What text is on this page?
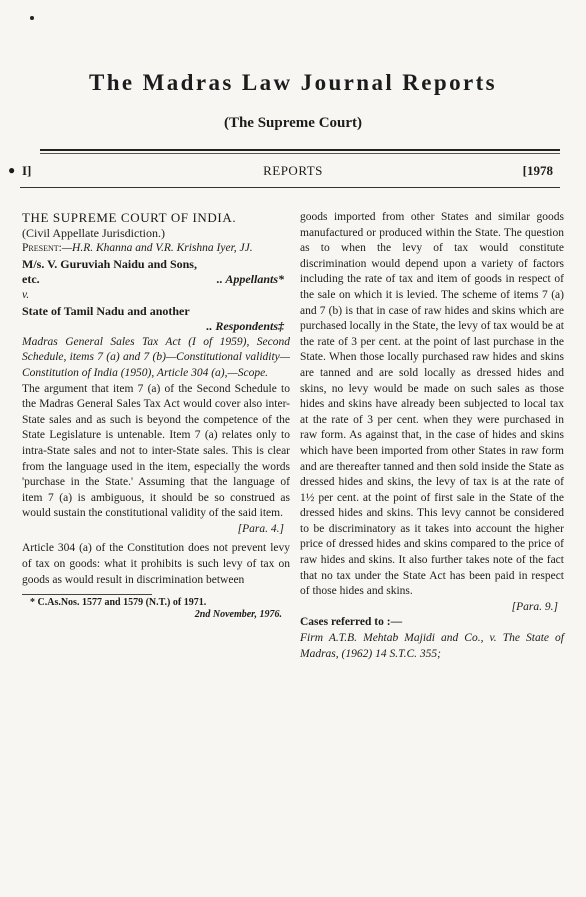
The Madras Law Journal Reports
(The Supreme Court)
● I]	REPORTS	[1978

THE SUPREME COURT OF INDIA.

(Civil Appellate Jurisdiction.)

Present:—H.R. Khanna and V.R. Krishna Iyer, JJ.

M/s. V. Guruviah Naidu and Sons,

etc.	.. Appellants*

v.

State of Tamil Nadu and another

.. Respondents‡

Madras General Sales Tax Act (I of 1959), Second Schedule, items 7 (a) and 7 (b)—Constitutional validity—Constitution of India (1950), Article 304 (a),—Scope.

The argument that item 7 (a) of the Second Schedule to the Madras General Sales Tax Act would cover also inter-State sales and as such is beyond the competence of the State Legislature is untenable. Item 7 (a) relates only to intra-State sales and not to inter-State sales. This is clear from the language used in the item, especially the words 'purchase in the State.' Assuming that the language of item 7 (a) is ambiguous, it should be so construed as would sustain the constitutional validity of the said item.

[Para. 4.]

Article 304 (a) of the Constitution does not prevent levy of tax on goods: what it prohibits is such levy of tax on goods as would result in discrimination between

* C.As.Nos. 1577 and 1579 (N.T.) of 1971.
2nd November, 1976.

goods imported from other States and similar goods manufactured or produced within the State. The question as to when the levy of tax would constitute discrimination would depend upon a variety of factors including the rate of tax and item of goods in respect of the sale on which it is levied. The scheme of items 7 (a) and 7 (b) is that in case of raw hides and skins which are purchased locally in the State, the levy of tax would be at the rate of 3 per cent. at the point of last purchase in the State. When those locally purchased raw hides and skins are tanned and are sold locally as dressed hides and skins, no levy would be made on such sales as those hides and skins have already been subjected to local tax at the rate of 3 per cent. when they were purchased in raw form. As against that, in the case of hides and skins which have been imported from other States in raw form and are thereafter tanned and then sold inside the State as dressed hides and skins, the levy of tax is at the rate of 1½ per cent. at the point of first sale in the State of the dressed hides and skins. This levy cannot be considered to be discriminatory as it takes into account the higher price of dressed hides and skins compared to the price of raw hides and skins. It also further takes note of the fact that no tax under the State Act has been paid in respect of those hides and skins.

[Para. 9.]

Cases referred to :—

Firm A.T.B. Mehtab Majidi and Co., v. The State of Madras, (1962) 14 S.T.C. 355;
